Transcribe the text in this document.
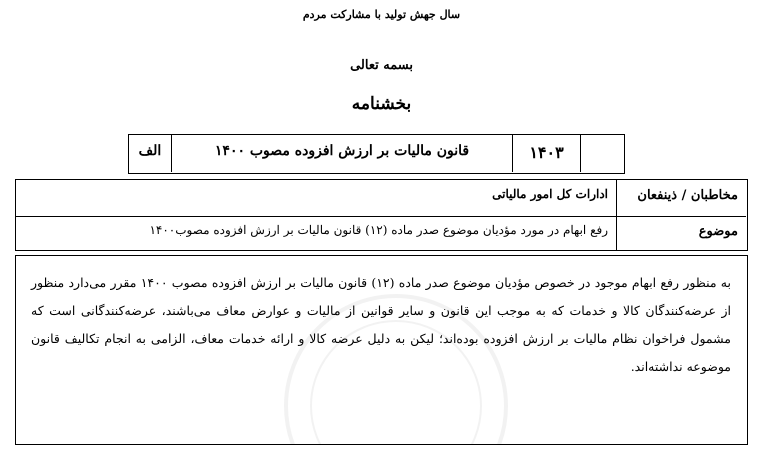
سال جهش تولید با مشارکت مردم
بسمه تعالی
بخشنامه
۱۴۰۳
قانون مالیات بر ارزش افزوده مصوب ۱۴۰۰
الف
مخاطبان / ذینفعان
ادارات کل امور مالیاتی
موضوع
رفع ابهام در مورد مؤدیان موضوع صدر ماده (۱۲) قانون مالیات بر ارزش افزوده مصوب۱۴۰۰
به منظور رفع ابهام موجود در خصوص مؤدیان موضوع صدر ماده (۱۲) قانون مالیات بر ارزش افزوده مصوب ۱۴۰۰ مقرر می‌دارد منظور از عرضه‌کنندگان کالا و خدمات که به موجب این قانون و سایر قوانین از مالیات و عوارض معاف می‌باشند، عرضه‌کنندگانی است که مشمول فراخوان نظام مالیات بر ارزش افزوده بوده‌اند؛ لیکن به دلیل عرضه کالا و ارائه خدمات معاف، الزامی به انجام تکالیف قانون موضوعه نداشته‌اند.
